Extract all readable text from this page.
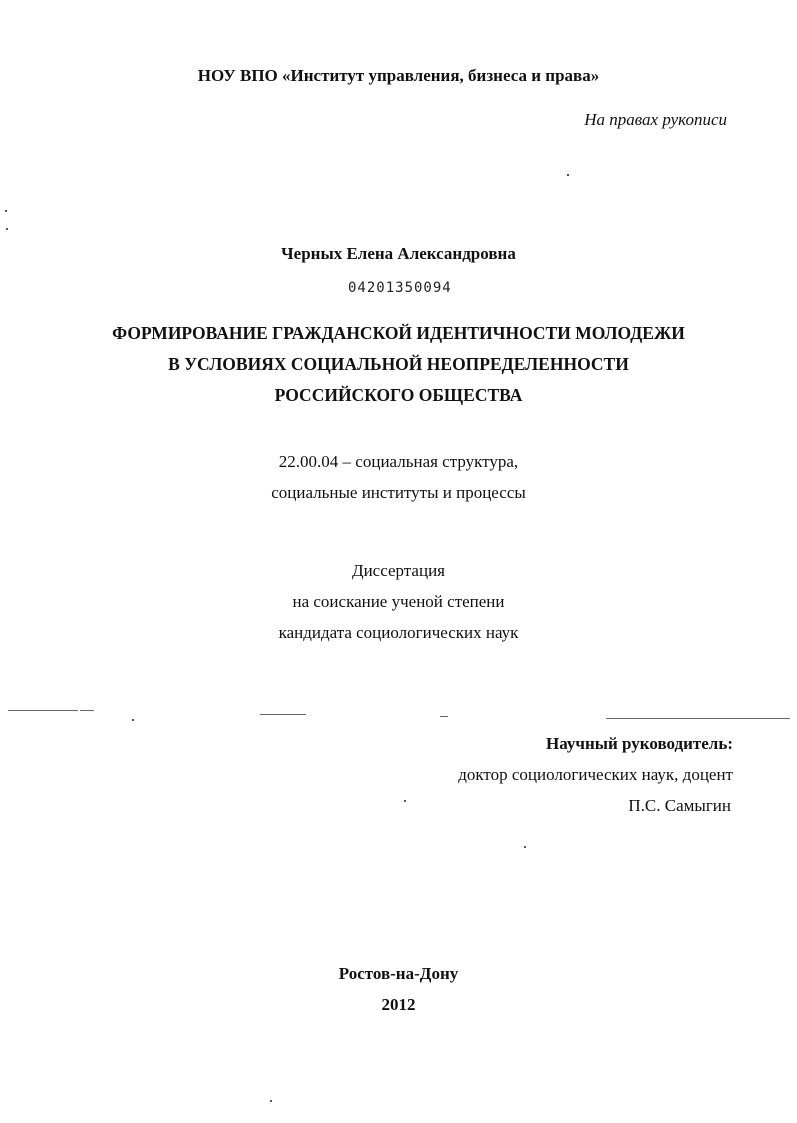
НОУ ВПО «Институт управления, бизнеса и права»
На правах рукописи
Черных Елена Александровна
04201350094
ФОРМИРОВАНИЕ ГРАЖДАНСКОЙ ИДЕНТИЧНОСТИ МОЛОДЕЖИ
В УСЛОВИЯХ СОЦИАЛЬНОЙ НЕОПРЕДЕЛЕННОСТИ
РОССИЙСКОГО ОБЩЕСТВА
22.00.04 – социальная структура,
социальные институты и процессы
Диссертация
на соискание ученой степени
кандидата социологических наук
Научный руководитель:
доктор социологических наук, доцент
П.С. Самыгин
Ростов-на-Дону
2012
